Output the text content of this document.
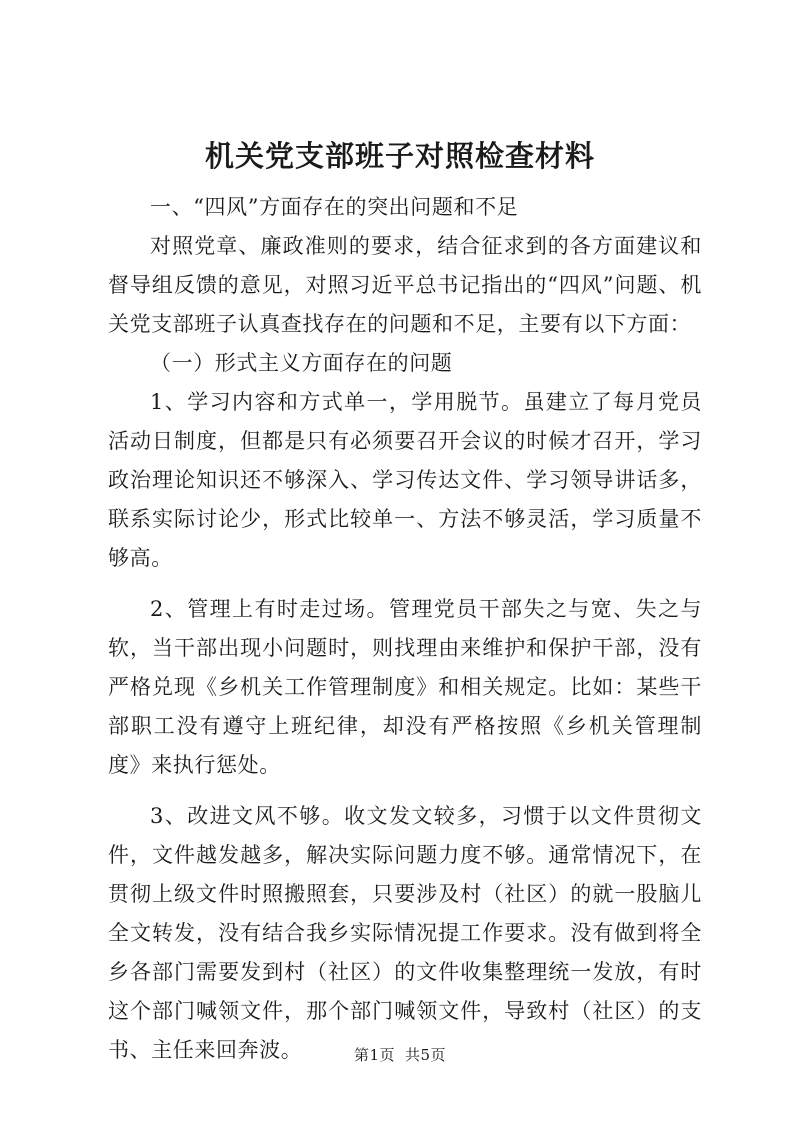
机关党支部班子对照检查材料

一、“四风”方面存在的突出问题和不足

对照党章、廉政准则的要求，结合征求到的各方面建议和督导组反馈的意见，对照习近平总书记指出的“四风”问题、机关党支部班子认真查找存在的问题和不足，主要有以下方面：

（一）形式主义方面存在的问题

1、学习内容和方式单一，学用脱节。虽建立了每月党员活动日制度，但都是只有必须要召开会议的时候才召开，学习政治理论知识还不够深入、学习传达文件、学习领导讲话多，联系实际讨论少，形式比较单一、方法不够灵活，学习质量不够高。

2、管理上有时走过场。管理党员干部失之与宽、失之与软，当干部出现小问题时，则找理由来维护和保护干部，没有严格兑现《乡机关工作管理制度》和相关规定。比如：某些干部职工没有遵守上班纪律，却没有严格按照《乡机关管理制度》来执行惩处。

3、改进文风不够。收文发文较多，习惯于以文件贯彻文件，文件越发越多，解决实际问题力度不够。通常情况下，在贯彻上级文件时照搬照套，只要涉及村（社区）的就一股脑儿全文转发，没有结合我乡实际情况提工作要求。没有做到将全乡各部门需要发到村（社区）的文件收集整理统一发放，有时这个部门喊领文件，那个部门喊领文件，导致村（社区）的支书、主任来回奔波。	第1页 共5页
